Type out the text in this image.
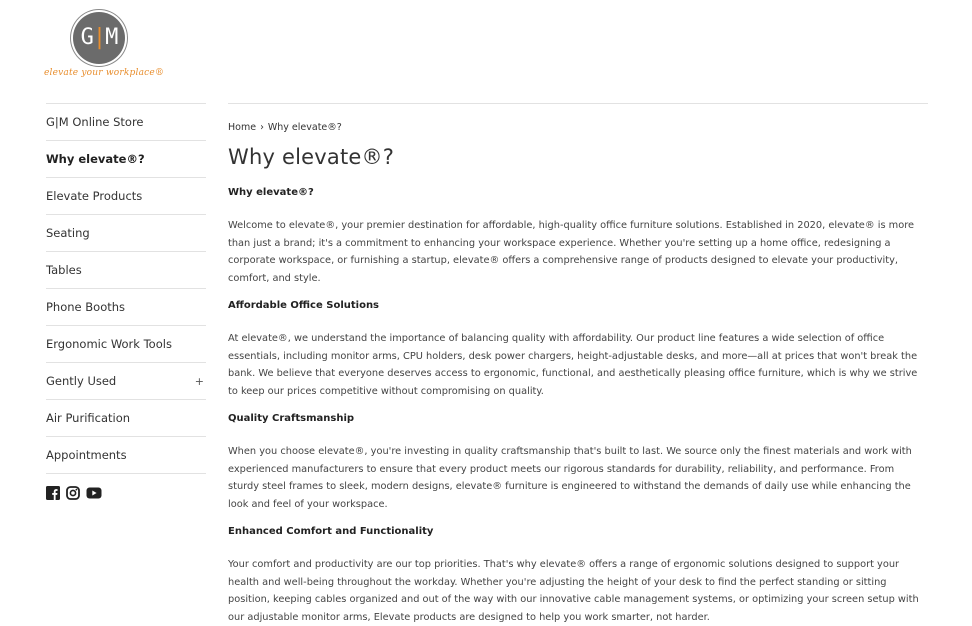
G|M
elevate your workplace®
G|M Online Store
Why elevate®?
Elevate Products
Seating
Tables
Phone Booths
Ergonomic Work Tools
Gently Used	+
Air Purification
Appointments
Home › Why elevate®?
Why elevate®?
Why elevate®?

Welcome to elevate®, your premier destination for affordable, high-quality office furniture solutions. Established in 2020, elevate® is more than just a brand; it's a commitment to enhancing your workspace experience. Whether you're setting up a home office, redesigning a corporate workspace, or furnishing a startup, elevate® offers a comprehensive range of products designed to elevate your productivity, comfort, and style.

Affordable Office Solutions

At elevate®, we understand the importance of balancing quality with affordability. Our product line features a wide selection of office essentials, including monitor arms, CPU holders, desk power chargers, height-adjustable desks, and more—all at prices that won't break the bank. We believe that everyone deserves access to ergonomic, functional, and aesthetically pleasing office furniture, which is why we strive to keep our prices competitive without compromising on quality.

Quality Craftsmanship

When you choose elevate®, you're investing in quality craftsmanship that's built to last. We source only the finest materials and work with experienced manufacturers to ensure that every product meets our rigorous standards for durability, reliability, and performance. From sturdy steel frames to sleek, modern designs, elevate® furniture is engineered to withstand the demands of daily use while enhancing the look and feel of your workspace.

Enhanced Comfort and Functionality

Your comfort and productivity are our top priorities. That's why elevate® offers a range of ergonomic solutions designed to support your health and well-being throughout the workday. Whether you're adjusting the height of your desk to find the perfect standing or sitting position, keeping cables organized and out of the way with our innovative cable management systems, or optimizing your screen setup with our adjustable monitor arms, Elevate products are designed to help you work smarter, not harder.
